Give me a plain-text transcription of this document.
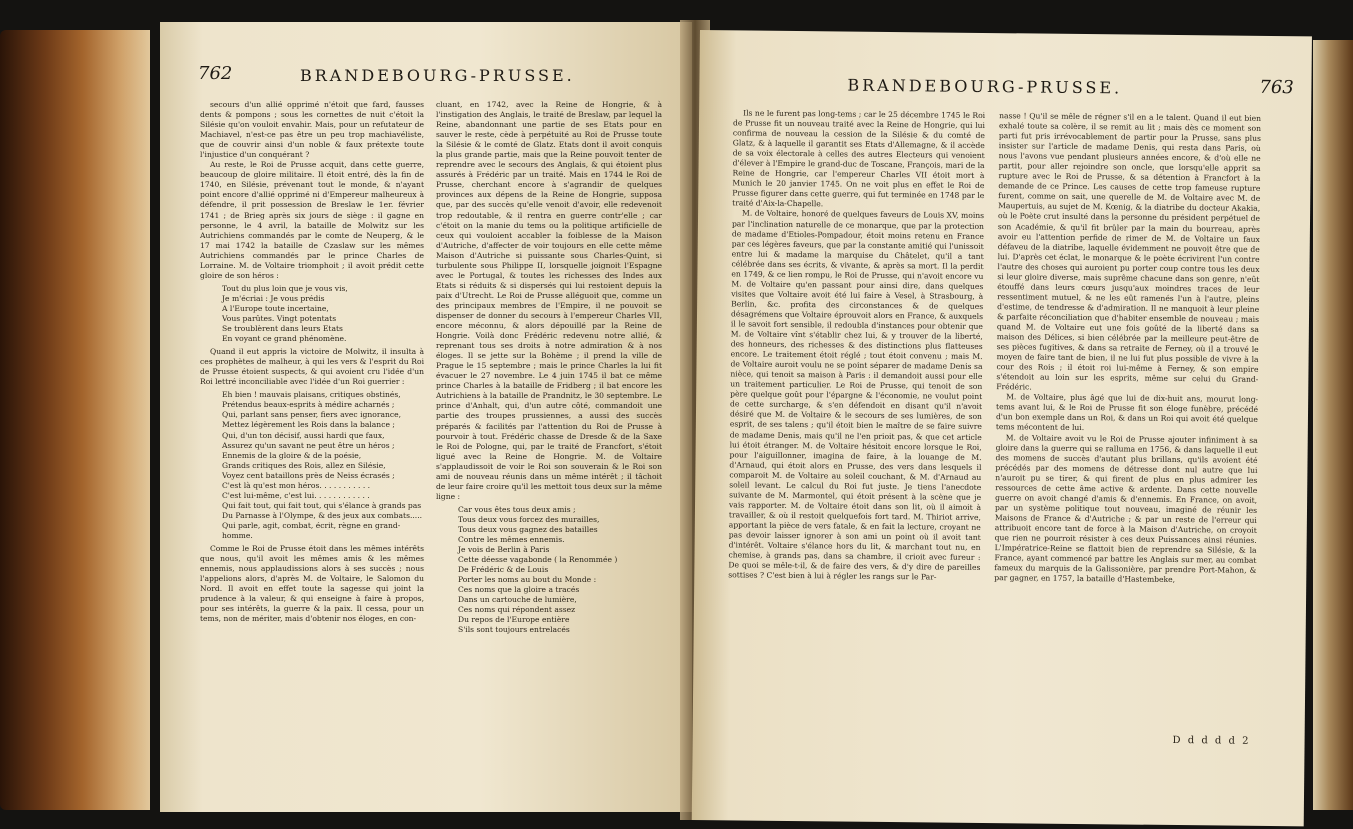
762	BRANDEBOURG-PRUSSE.

secours d'un allié opprimé n'étoit que fard, fausses dents & pompons ; sous les cornettes de nuit c'étoit la Silésie qu'on vouloit envahir. Mais, pour un refutateur de Machiavel, n'est-ce pas être un peu trop machiavéliste, que de couvrir ainsi d'un noble & faux prétexte toute l'injustice d'un conquérant ?

Au reste, le Roi de Prusse acquit, dans cette guerre, beaucoup de gloire militaire. Il étoit entré, dès la fin de 1740, en Silésie, prévenant tout le monde, & n'ayant point encore d'allié opprimé ni d'Empereur malheureux à défendre, il prit possession de Breslaw le 1er. février 1741 ; de Brieg après six jours de siège : il gagne en personne, le 4 avril, la bataille de Molwitz sur les Autrichiens commandés par le comte de Neuperg, & le 17 mai 1742 la bataille de Czaslaw sur les mêmes Autrichiens commandés par le prince Charles de Lorraine. M. de Voltaire triomphoit ; il avoit prédit cette gloire de son héros :

Tout du plus loin que je vous vis,
Je m'écriai : Je vous prédis
A l'Europe toute incertaine,
Vous parûtes. Vingt potentats
Se troublèrent dans leurs Etats
En voyant ce grand phénomène.

Quand il eut appris la victoire de Molwitz, il insulta à ces prophètes de malheur, à qui les vers & l'esprit du Roi de Prusse étoient suspects, & qui avoient cru l'idée d'un Roi lettré inconciliable avec l'idée d'un Roi guerrier :

Eh bien ! mauvais plaisans, critiques obstinés,
Prétendus beaux-esprits à médire acharnés ;
Qui, parlant sans penser, fiers avec ignorance,
Mettez légèrement les Rois dans la balance ;
Qui, d'un ton décisif, aussi hardi que faux,
Assurez qu'un savant ne peut être un héros ;
Ennemis de la gloire & de la poésie,
Grands critiques des Rois, allez en Silésie,
Voyez cent bataillons près de Neiss écrasés ;
C'est là qu'est mon héros. . . . . . . . . . .
C'est lui-même, c'est lui. . . . . . . . . . . .
Qui fait tout, qui fait tout, qui s'élance à grands pas
Du Parnasse à l'Olympe, & des jeux aux combats.....
Qui parle, agit, combat, écrit, règne en grand-
homme.

Comme le Roi de Prusse étoit dans les mêmes intérêts que nous, qu'il avoit les mêmes amis & les mêmes ennemis, nous applaudissions alors à ses succès ; nous l'appelions alors, d'après M. de Voltaire, le Salomon du Nord. Il avoit en effet toute la sagesse qui joint la prudence à la valeur, & qui enseigne à faire à propos, pour ses intérêts, la guerre & la paix. Il cessa, pour un tems, non de mériter, mais d'obtenir nos éloges, en con-

cluant, en 1742, avec la Reine de Hongrie, & à l'instigation des Anglais, le traité de Breslaw, par lequel la Reine, abandonnant une partie de ses Etats pour en sauver le reste, cède à perpétuité au Roi de Prusse toute la Silésie & le comté de Glatz. Etats dont il avoit conquis la plus grande partie, mais que la Reine pouvoit tenter de reprendre avec le secours des Anglais, & qui étoient plus assurés à Frédéric par un traité. Mais en 1744 le Roi de Prusse, cherchant encore à s'agrandir de quelques provinces aux dépens de la Reine de Hongrie, supposa que, par des succès qu'elle venoit d'avoir, elle redevenoit trop redoutable, & il rentra en guerre contr'elle ; car c'étoit on la manie du tems ou la politique artificielle de ceux qui vouloient accabler la foiblesse de la Maison d'Autriche, d'affecter de voir toujours en elle cette même Maison d'Autriche si puissante sous Charles-Quint, si turbulente sous Philippe II, lorsquelle joignoit l'Espagne avec le Portugal, & toutes les richesses des Indes aux Etats si réduits & si dispersés qui lui restoient depuis la paix d'Utrecht. Le Roi de Prusse alléguoit que, comme un des principaux membres de l'Empire, il ne pouvoit se dispenser de donner du secours à l'empereur Charles VII, encore méconnu, & alors dépouillé par la Reine de Hongrie. Voilà donc Frédéric redevenu notre allié, & reprenant tous ses droits à notre admiration & à nos éloges. Il se jette sur la Bohème ; il prend la ville de Prague le 15 septembre ; mais le prince Charles la lui fit évacuer le 27 novembre. Le 4 juin 1745 il bat ce même prince Charles à la bataille de Fridberg ; il bat encore les Autrichiens à la bataille de Prandnitz, le 30 septembre. Le prince d'Anhalt, qui, d'un autre côté, commandoit une partie des troupes prussiennes, a aussi des succès préparés & facilités par l'attention du Roi de Prusse à pourvoir à tout. Frédéric chasse de Dresde & de la Saxe le Roi de Pologne, qui, par le traité de Francfort, s'étoit ligué avec la Reine de Hongrie. M. de Voltaire s'applaudissoit de voir le Roi son souverain & le Roi son ami de nouveau réunis dans un même intérêt ; il tâchoit de leur faire croire qu'il les mettoit tous deux sur la même ligne :

Car vous êtes tous deux amis ;
Tous deux vous forcez des murailles,
Tous deux vous gagnez des batailles
Contre les mêmes ennemis.
Je vois de Berlin à Paris
Cette déesse vagabonde ( la Renommée )
De Frédéric & de Louis
Porter les noms au bout du Monde :
Ces noms que la gloire a tracés
Dans un cartouche de lumière,
Ces noms qui répondent assez
Du repos de l'Europe entière
S'ils sont toujours entrelacés
BRANDEBOURG-PRUSSE.	763

Ils ne le furent pas long-tems ; car le 25 décembre 1745 le Roi de Prusse fit un nouveau traité avec la Reine de Hongrie, qui lui confirma de nouveau la cession de la Silésie & du comté de Glatz, & à laquelle il garantit ses Etats d'Allemagne, & il accède de sa voix électorale à celles des autres Electeurs qui venoient d'élever à l'Empire le grand-duc de Toscane, François, mari de la Reine de Hongrie, car l'empereur Charles VII étoit mort à Munich le 20 janvier 1745. On ne voit plus en effet le Roi de Prusse figurer dans cette guerre, qui fut terminée en 1748 par le traité d'Aix-la-Chapelle.

M. de Voltaire, honoré de quelques faveurs de Louis XV, moins par l'inclination naturelle de ce monarque, que par la protection de madame d'Etioles-Pompadour, étoit moins retenu en France par ces légères faveurs, que par la constante amitié qui l'unissoit entre lui & madame la marquise du Châtelet, qu'il a tant célébrée dans ses écrits, & vivante, & après sa mort. Il la perdit en 1749, & ce lien rompu, le Roi de Prusse, qui n'avoit encore vu M. de Voltaire qu'en passant pour ainsi dire, dans quelques visites que Voltaire avoit été lui faire à Vesel, à Strasbourg, à Berlin, &c. profita des circonstances & de quelques désagrémens que Voltaire éprouvoit alors en France, & auxquels il le savoit fort sensible, il redoubla d'instances pour obtenir que M. de Voltaire vînt s'établir chez lui, & y trouver de la liberté, des honneurs, des richesses & des distinctions plus flatteuses encore. Le traitement étoit réglé ; tout étoit convenu ; mais M. de Voltaire auroit voulu ne se point séparer de madame Denis sa nièce, qui tenoit sa maison à Paris : il demandoit aussi pour elle un traitement particulier. Le Roi de Prusse, qui tenoit de son père quelque goût pour l'épargne & l'économie, ne voulut point de cette surcharge, & s'en défendoit en disant qu'il n'avoit désiré que M. de Voltaire & le secours de ses lumières, de son esprit, de ses talens ; qu'il étoit bien le maître de se faire suivre de madame Denis, mais qu'il ne l'en prioit pas, & que cet article lui étoit étranger. M. de Voltaire hésitoit encore lorsque le Roi, pour l'aiguillonner, imagina de faire, à la louange de M. d'Arnaud, qui étoit alors en Prusse, des vers dans lesquels il comparoit M. de Voltaire au soleil couchant, & M. d'Arnaud au soleil levant. Le calcul du Roi fut juste. Je tiens l'anecdote suivante de M. Marmontel, qui étoit présent à la scène que je vais rapporter. M. de Voltaire étoit dans son lit, où il aimoit à travailler, & où il restoit quelquefois fort tard. M. Thiriot arrive, apportant la pièce de vers fatale, & en fait la lecture, croyant ne pas devoir laisser ignorer à son ami un point où il avoit tant d'intérêt. Voltaire s'élance hors du lit, & marchant tout nu, en chemise, à grands pas, dans sa chambre, il crioit avec fureur : De quoi se mêle-t-il, & de faire des vers, & d'y dire de pareilles sottises ? C'est bien à lui à régler les rangs sur le Par-

nasse ! Qu'il se mêle de régner s'il en a le talent. Quand il eut bien exhalé toute sa colère, il se remit au lit ; mais dès ce moment son parti fut pris irrévocablement de partir pour la Prusse, sans plus insister sur l'article de madame Denis, qui resta dans Paris, où nous l'avons vue pendant plusieurs années encore, & d'où elle ne partit, pour aller rejoindre son oncle, que lorsqu'elle apprit sa rupture avec le Roi de Prusse, & sa détention à Francfort à la demande de ce Prince. Les causes de cette trop fameuse rupture furent, comme on sait, une querelle de M. de Voltaire avec M. de Maupertuis, au sujet de M. Kœnig, & la diatribe du docteur Akakia, où le Poète crut insulté dans la personne du président perpétuel de son Académie, & qu'il fit brûler par la main du bourreau, après avoir eu l'attention perfide de rimer de M. de Voltaire un faux défaveu de la diatribe, laquelle évidemment ne pouvoit être que de lui. D'après cet éclat, le monarque & le poète écrivirent l'un contre l'autre des choses qui auroient pu porter coup contre tous les deux si leur gloire diverse, mais suprême chacune dans son genre, n'eût étouffé dans leurs cœurs jusqu'aux moindres traces de leur ressentiment mutuel, & ne les eût ramenés l'un à l'autre, pleins d'estime, de tendresse & d'admiration. Il ne manquoit à leur pleine & parfaite réconciliation que d'habiter ensemble de nouveau ; mais quand M. de Voltaire eut une fois goûté de la liberté dans sa maison des Délices, si bien célébrée par la meilleure peut-être de ses pièces fugitives, & dans sa retraite de Ferney, où il a trouvé le moyen de faire tant de bien, il ne lui fut plus possible de vivre à la cour des Rois ; il étoit roi lui-même à Ferney, & son empire s'étendoit au loin sur les esprits, même sur celui du Grand-Frédéric.

M. de Voltaire, plus âgé que lui de dix-huit ans, mourut long-tems avant lui, & le Roi de Prusse fit son éloge funèbre, précédé d'un bon exemple dans un Roi, & dans un Roi qui avoit été quelque tems mécontent de lui.

M. de Voltaire avoit vu le Roi de Prusse ajouter infiniment à sa gloire dans la guerre qui se ralluma en 1756, & dans laquelle il eut des momens de succès d'autant plus brillans, qu'ils avoient été précédés par des momens de détresse dont nul autre que lui n'auroit pu se tirer, & qui firent de plus en plus admirer les ressources de cette âme active & ardente. Dans cette nouvelle guerre on avoit changé d'amis & d'ennemis. En France, on avoit, par un système politique tout nouveau, imaginé de réunir les Maisons de France & d'Autriche ; & par un reste de l'erreur qui attribuoit encore tant de force à la Maison d'Autriche, on croyoit que rien ne pourroit résister à ces deux Puissances ainsi réunies. L'Impératrice-Reine se flattoit bien de reprendre sa Silésie, & la France, ayant commencé par battre les Anglais sur mer, au combat fameux du marquis de la Galissonière, par prendre Port-Mahon, & par gagner, en 1757, la bataille d'Hastembeke,

D d d d d 2
